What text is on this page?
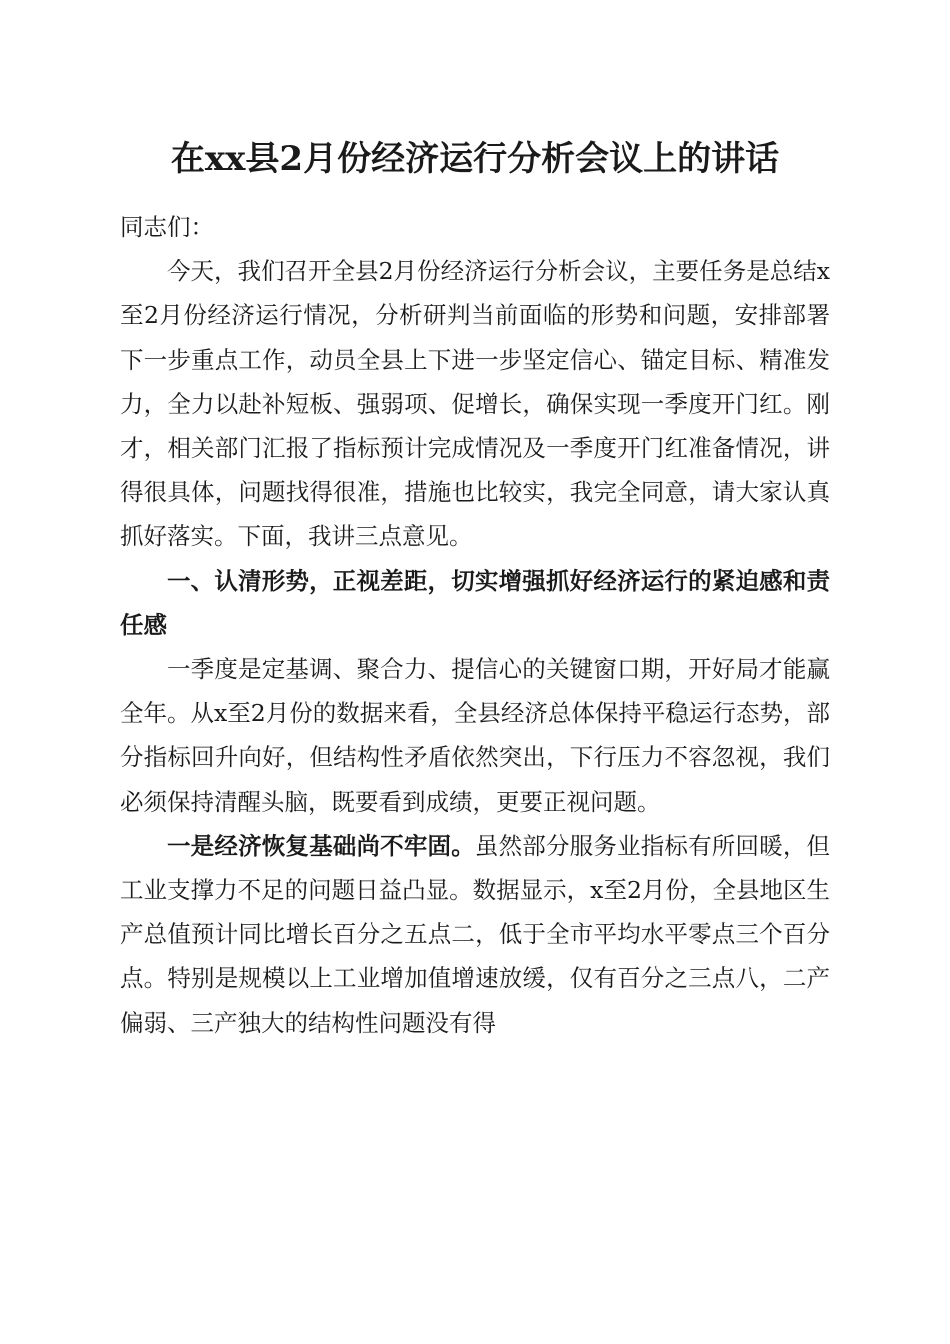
在xx县2月份经济运行分析会议上的讲话

同志们：

今天，我们召开全县2月份经济运行分析会议，主要任务是总结x至2月份经济运行情况，分析研判当前面临的形势和问题，安排部署下一步重点工作，动员全县上下进一步坚定信心、锚定目标、精准发力，全力以赴补短板、强弱项、促增长，确保实现一季度开门红。刚才，相关部门汇报了指标预计完成情况及一季度开门红准备情况，讲得很具体，问题找得很准，措施也比较实，我完全同意，请大家认真抓好落实。下面，我讲三点意见。

一、认清形势，正视差距，切实增强抓好经济运行的紧迫感和责任感

一季度是定基调、聚合力、提信心的关键窗口期，开好局才能赢全年。从x至2月份的数据来看，全县经济总体保持平稳运行态势，部分指标回升向好，但结构性矛盾依然突出，下行压力不容忽视，我们必须保持清醒头脑，既要看到成绩，更要正视问题。

一是经济恢复基础尚不牢固。虽然部分服务业指标有所回暖，但工业支撑力不足的问题日益凸显。数据显示，x至2月份，全县地区生产总值预计同比增长百分之五点二，低于全市平均水平零点三个百分点。特别是规模以上工业增加值增速放缓，仅有百分之三点八，二产偏弱、三产独大的结构性问题没有得
